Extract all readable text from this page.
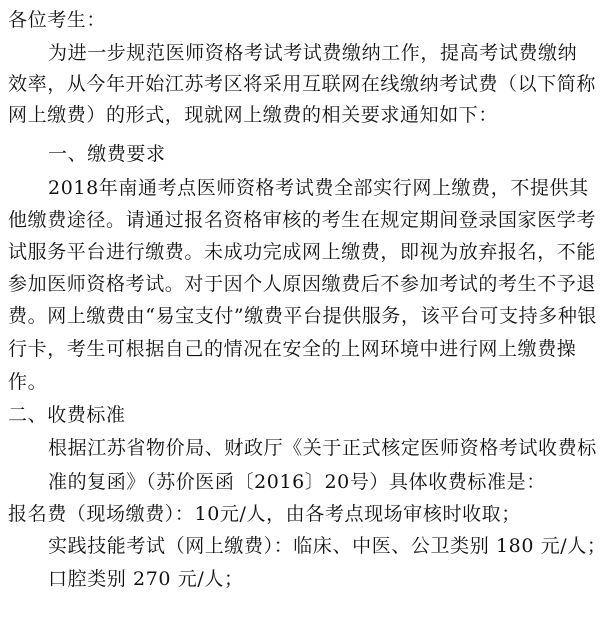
各位考生：
为进一步规范医师资格考试考试费缴纳工作，提高考试费缴纳
效率，从今年开始江苏考区将采用互联网在线缴纳考试费（以下简称
网上缴费）的形式，现就网上缴费的相关要求通知如下：
一、缴费要求
2018年南通考点医师资格考试费全部实行网上缴费，不提供其
他缴费途径。请通过报名资格审核的考生在规定期间登录国家医学考
试服务平台进行缴费。未成功完成网上缴费，即视为放弃报名，不能
参加医师资格考试。对于因个人原因缴费后不参加考试的考生不予退
费。网上缴费由“易宝支付”缴费平台提供服务，该平台可支持多种银
行卡，考生可根据自己的情况在安全的上网环境中进行网上缴费操
作。
二、收费标准
根据江苏省物价局、财政厅《关于正式核定医师资格考试收费标
准的复函》（苏价医函〔2016〕20号）具体收费标准是：
报名费（现场缴费）：10元/人，由各考点现场审核时收取；
实践技能考试（网上缴费）：临床、中医、公卫类别 180 元/人；
口腔类别 270 元/人；
